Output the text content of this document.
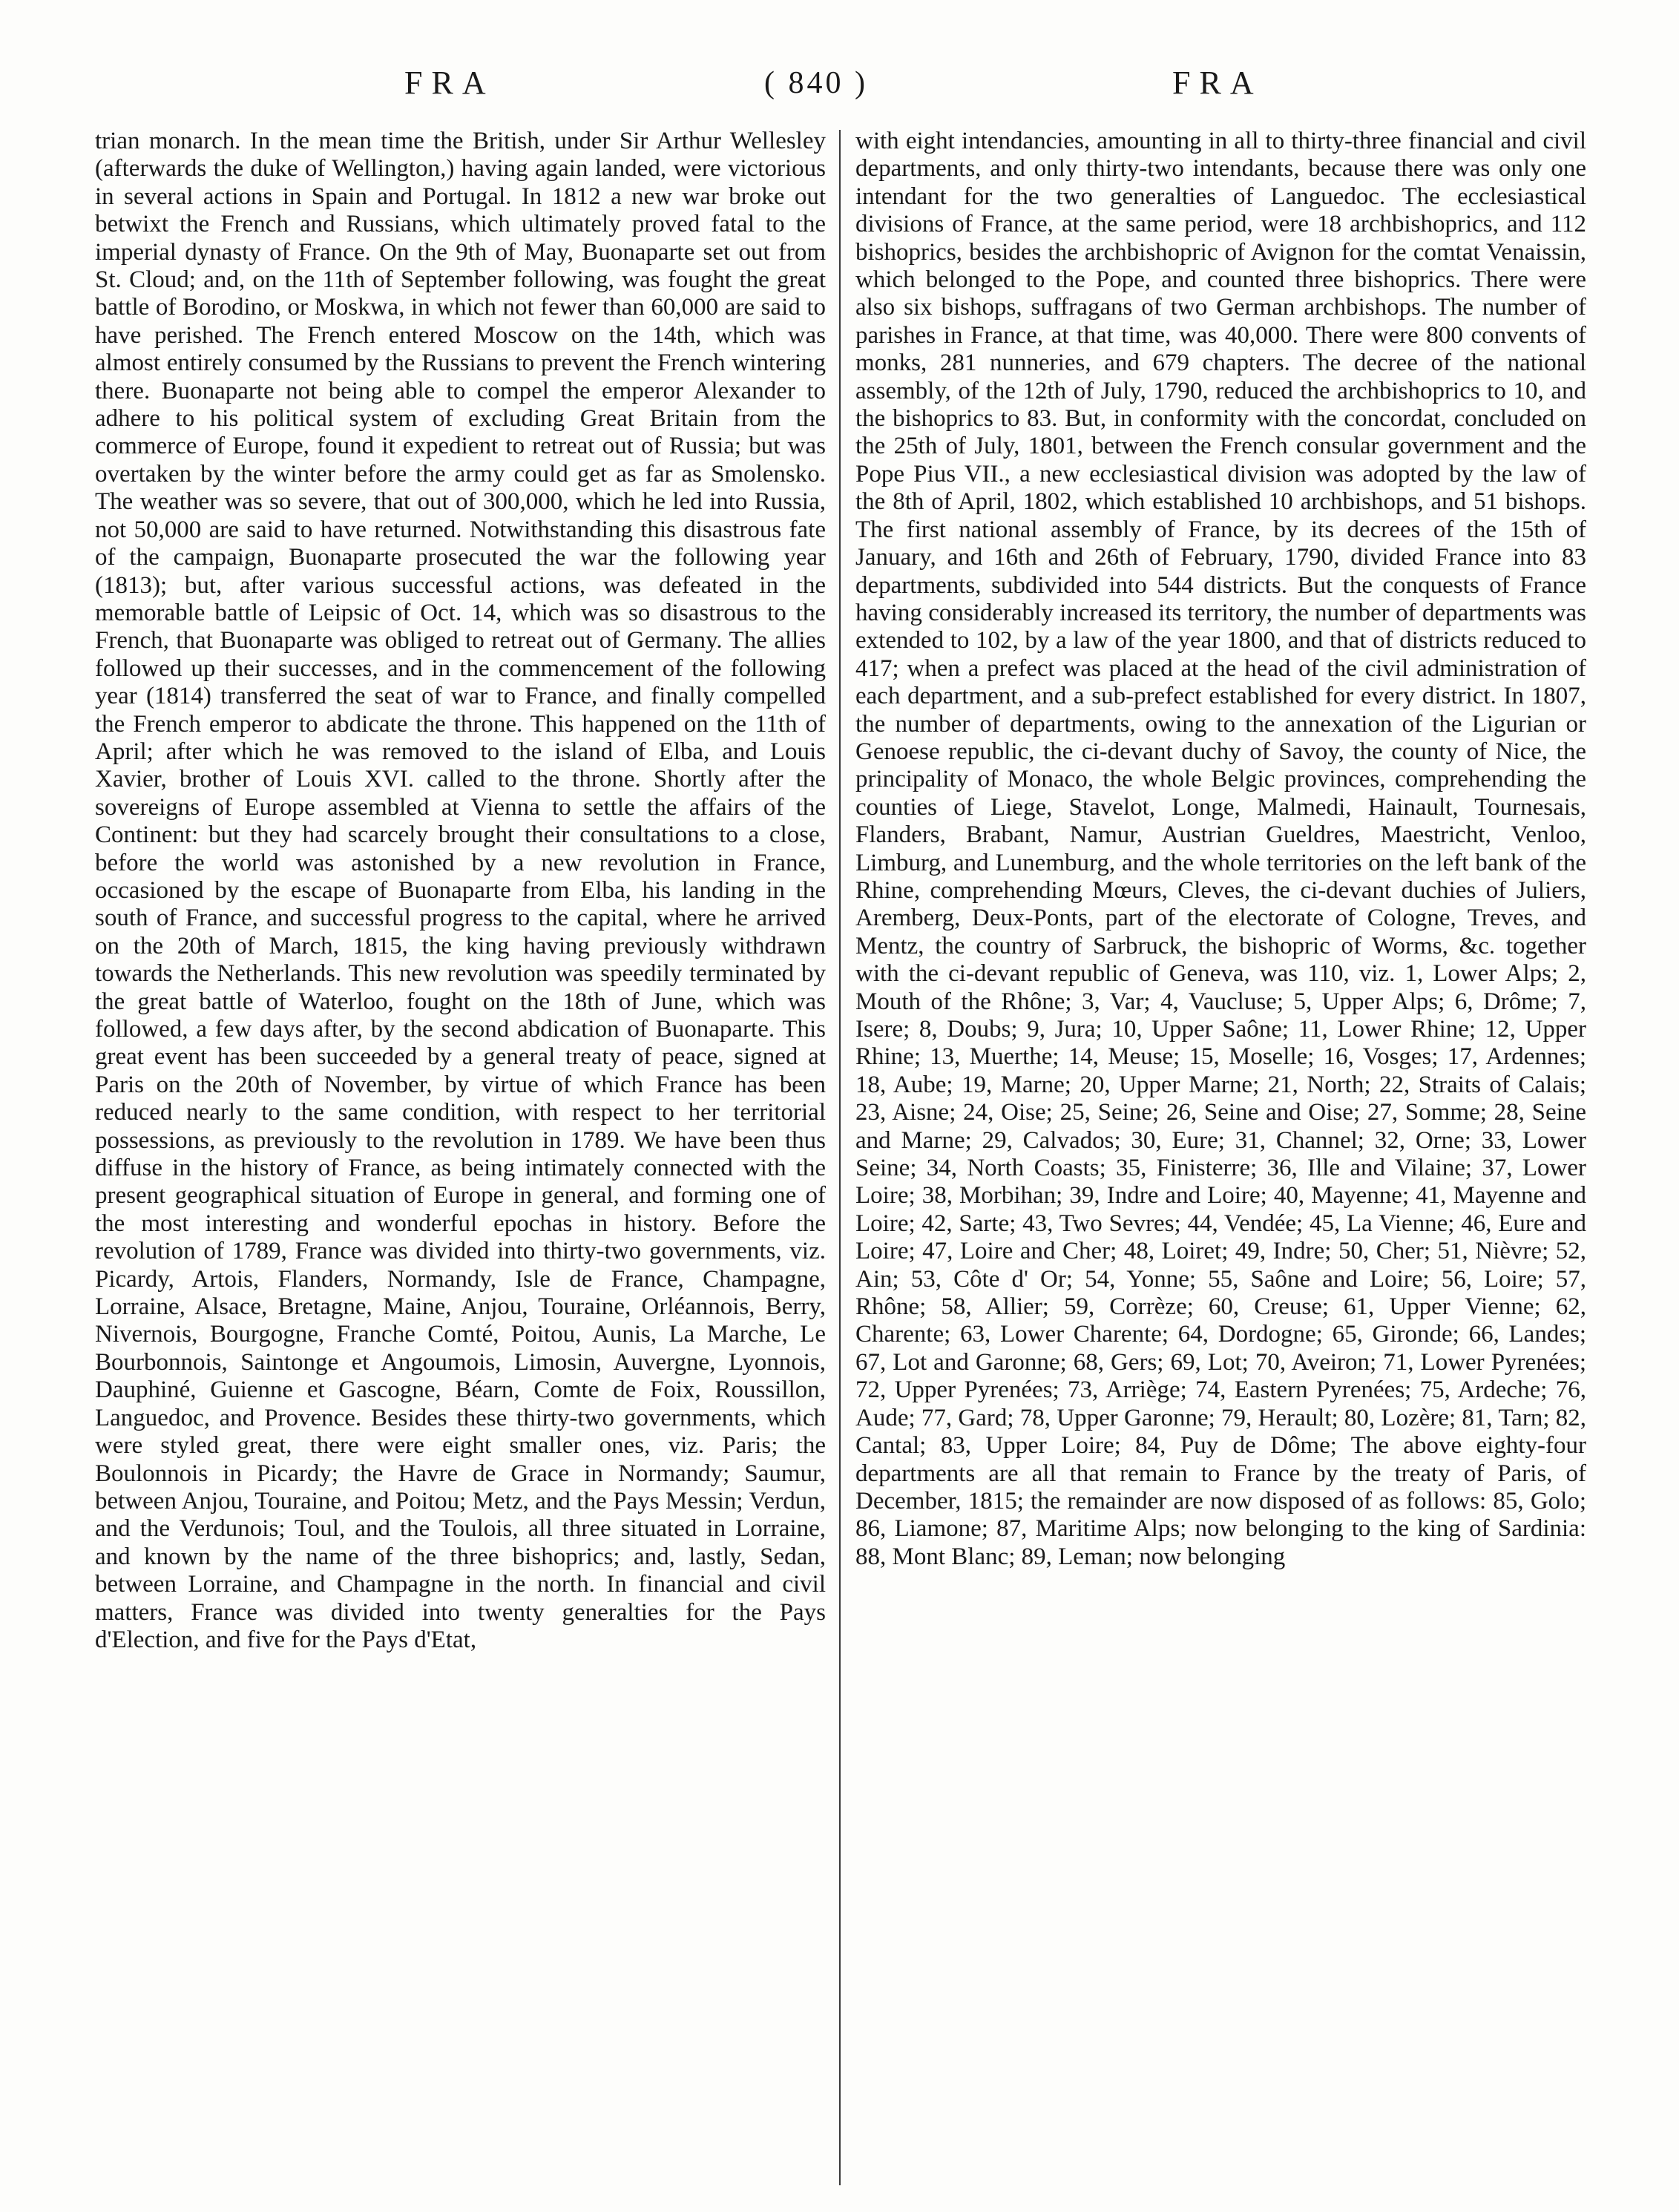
FRA	( 840 )	FRA

trian monarch. In the mean time the British, under Sir Arthur Wellesley (afterwards the duke of Wellington,) having again landed, were victorious in several actions in Spain and Portugal. In 1812 a new war broke out betwixt the French and Russians, which ultimately proved fatal to the imperial dynasty of France. On the 9th of May, Buonaparte set out from St. Cloud; and, on the 11th of September following, was fought the great battle of Borodino, or Moskwa, in which not fewer than 60,000 are said to have perished. The French entered Moscow on the 14th, which was almost entirely consumed by the Russians to prevent the French wintering there. Buonaparte not being able to compel the emperor Alexander to adhere to his political system of excluding Great Britain from the commerce of Europe, found it expedient to retreat out of Russia; but was overtaken by the winter before the army could get as far as Smolensko. The weather was so severe, that out of 300,000, which he led into Russia, not 50,000 are said to have returned. Notwithstanding this disastrous fate of the campaign, Buonaparte prosecuted the war the following year (1813); but, after various successful actions, was defeated in the memorable battle of Leipsic of Oct. 14, which was so disastrous to the French, that Buonaparte was obliged to retreat out of Germany. The allies followed up their successes, and in the commencement of the following year (1814) transferred the seat of war to France, and finally compelled the French emperor to abdicate the throne. This happened on the 11th of April; after which he was removed to the island of Elba, and Louis Xavier, brother of Louis XVI. called to the throne. Shortly after the sovereigns of Europe assembled at Vienna to settle the affairs of the Continent: but they had scarcely brought their consultations to a close, before the world was astonished by a new revolution in France, occasioned by the escape of Buonaparte from Elba, his landing in the south of France, and successful progress to the capital, where he arrived on the 20th of March, 1815, the king having previously withdrawn towards the Netherlands. This new revolution was speedily terminated by the great battle of Waterloo, fought on the 18th of June, which was followed, a few days after, by the second abdication of Buonaparte. This great event has been succeeded by a general treaty of peace, signed at Paris on the 20th of November, by virtue of which France has been reduced nearly to the same condition, with respect to her territorial possessions, as previously to the revolution in 1789. We have been thus diffuse in the history of France, as being intimately connected with the present geographical situation of Europe in general, and forming one of the most interesting and wonderful epochas in history. Before the revolution of 1789, France was divided into thirty-two governments, viz. Picardy, Artois, Flanders, Normandy, Isle de France, Champagne, Lorraine, Alsace, Bretagne, Maine, Anjou, Touraine, Orléannois, Berry, Nivernois, Bourgogne, Franche Comté, Poitou, Aunis, La Marche, Le Bourbonnois, Saintonge et Angoumois, Limosin, Auvergne, Lyonnois, Dauphiné, Guienne et Gascogne, Béarn, Comte de Foix, Roussillon, Languedoc, and Provence. Besides these thirty-two governments, which were styled great, there were eight smaller ones, viz. Paris; the Boulonnois in Picardy; the Havre de Grace in Normandy; Saumur, between Anjou, Touraine, and Poitou; Metz, and the Pays Messin; Verdun, and the Verdunois; Toul, and the Toulois, all three situated in Lorraine, and known by the name of the three bishoprics; and, lastly, Sedan, between Lorraine, and Champagne in the north. In financial and civil matters, France was divided into twenty generalties for the Pays d'Election, and five for the Pays d'Etat,

with eight intendancies, amounting in all to thirty-three financial and civil departments, and only thirty-two intendants, because there was only one intendant for the two generalties of Languedoc. The ecclesiastical divisions of France, at the same period, were 18 archbishoprics, and 112 bishoprics, besides the archbishopric of Avignon for the comtat Venaissin, which belonged to the Pope, and counted three bishoprics. There were also six bishops, suffragans of two German archbishops. The number of parishes in France, at that time, was 40,000. There were 800 convents of monks, 281 nunneries, and 679 chapters. The decree of the national assembly, of the 12th of July, 1790, reduced the archbishoprics to 10, and the bishoprics to 83. But, in conformity with the concordat, concluded on the 25th of July, 1801, between the French consular government and the Pope Pius VII., a new ecclesiastical division was adopted by the law of the 8th of April, 1802, which established 10 archbishops, and 51 bishops. The first national assembly of France, by its decrees of the 15th of January, and 16th and 26th of February, 1790, divided France into 83 departments, subdivided into 544 districts. But the conquests of France having considerably increased its territory, the number of departments was extended to 102, by a law of the year 1800, and that of districts reduced to 417; when a prefect was placed at the head of the civil administration of each department, and a sub-prefect established for every district. In 1807, the number of departments, owing to the annexation of the Ligurian or Genoese republic, the ci-devant duchy of Savoy, the county of Nice, the principality of Monaco, the whole Belgic provinces, comprehending the counties of Liege, Stavelot, Longe, Malmedi, Hainault, Tournesais, Flanders, Brabant, Namur, Austrian Gueldres, Maestricht, Venloo, Limburg, and Lunemburg, and the whole territories on the left bank of the Rhine, comprehending Mœurs, Cleves, the ci-devant duchies of Juliers, Aremberg, Deux-Ponts, part of the electorate of Cologne, Treves, and Mentz, the country of Sarbruck, the bishopric of Worms, &c. together with the ci-devant republic of Geneva, was 110, viz. 1, Lower Alps; 2, Mouth of the Rhône; 3, Var; 4, Vaucluse; 5, Upper Alps; 6, Drôme; 7, Isere; 8, Doubs; 9, Jura; 10, Upper Saône; 11, Lower Rhine; 12, Upper Rhine; 13, Muerthe; 14, Meuse; 15, Moselle; 16, Vosges; 17, Ardennes; 18, Aube; 19, Marne; 20, Upper Marne; 21, North; 22, Straits of Calais; 23, Aisne; 24, Oise; 25, Seine; 26, Seine and Oise; 27, Somme; 28, Seine and Marne; 29, Calvados; 30, Eure; 31, Channel; 32, Orne; 33, Lower Seine; 34, North Coasts; 35, Finisterre; 36, Ille and Vilaine; 37, Lower Loire; 38, Morbihan; 39, Indre and Loire; 40, Mayenne; 41, Mayenne and Loire; 42, Sarte; 43, Two Sevres; 44, Vendée; 45, La Vienne; 46, Eure and Loire; 47, Loire and Cher; 48, Loiret; 49, Indre; 50, Cher; 51, Nièvre; 52, Ain; 53, Côte d' Or; 54, Yonne; 55, Saône and Loire; 56, Loire; 57, Rhône; 58, Allier; 59, Corrèze; 60, Creuse; 61, Upper Vienne; 62, Charente; 63, Lower Charente; 64, Dordogne; 65, Gironde; 66, Landes; 67, Lot and Garonne; 68, Gers; 69, Lot; 70, Aveiron; 71, Lower Pyrenées; 72, Upper Pyrenées; 73, Arriège; 74, Eastern Pyrenées; 75, Ardeche; 76, Aude; 77, Gard; 78, Upper Garonne; 79, Herault; 80, Lozère; 81, Tarn; 82, Cantal; 83, Upper Loire; 84, Puy de Dôme; The above eighty-four departments are all that remain to France by the treaty of Paris, of December, 1815; the remainder are now disposed of as follows: 85, Golo; 86, Liamone; 87, Maritime Alps; now belonging to the king of Sardinia: 88, Mont Blanc; 89, Leman; now belonging
